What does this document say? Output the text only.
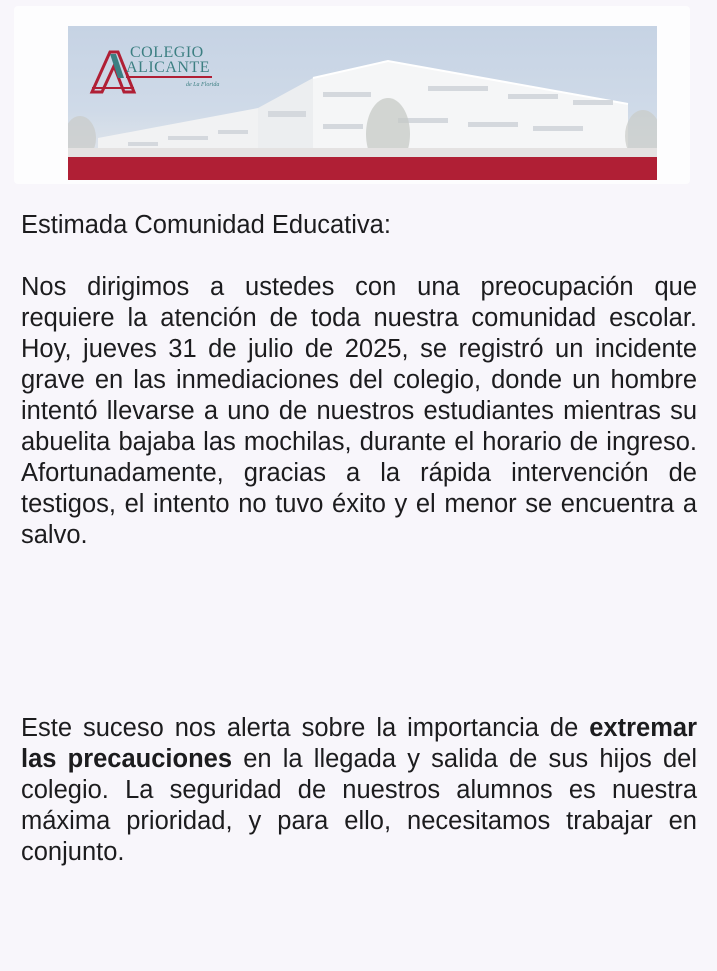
COLEGIO
ALICANTE
de La Florida
Estimada Comunidad Educativa:
Nos dirigimos a ustedes con una preocupación que requiere la atención de toda nuestra comunidad escolar. Hoy, jueves 31 de julio de 2025, se registró un incidente grave en las inmediaciones del colegio, donde un hombre intentó llevarse a uno de nuestros estudiantes mientras su abuelita bajaba las mochilas, durante el horario de ingreso. Afortunadamente, gracias a la rápida intervención de testigos, el intento no tuvo éxito y el menor se encuentra a salvo.
Este suceso nos alerta sobre la importancia de extremar las precauciones en la llegada y salida de sus hijos del colegio. La seguridad de nuestros alumnos es nuestra máxima prioridad, y para ello, necesitamos trabajar en conjunto.
